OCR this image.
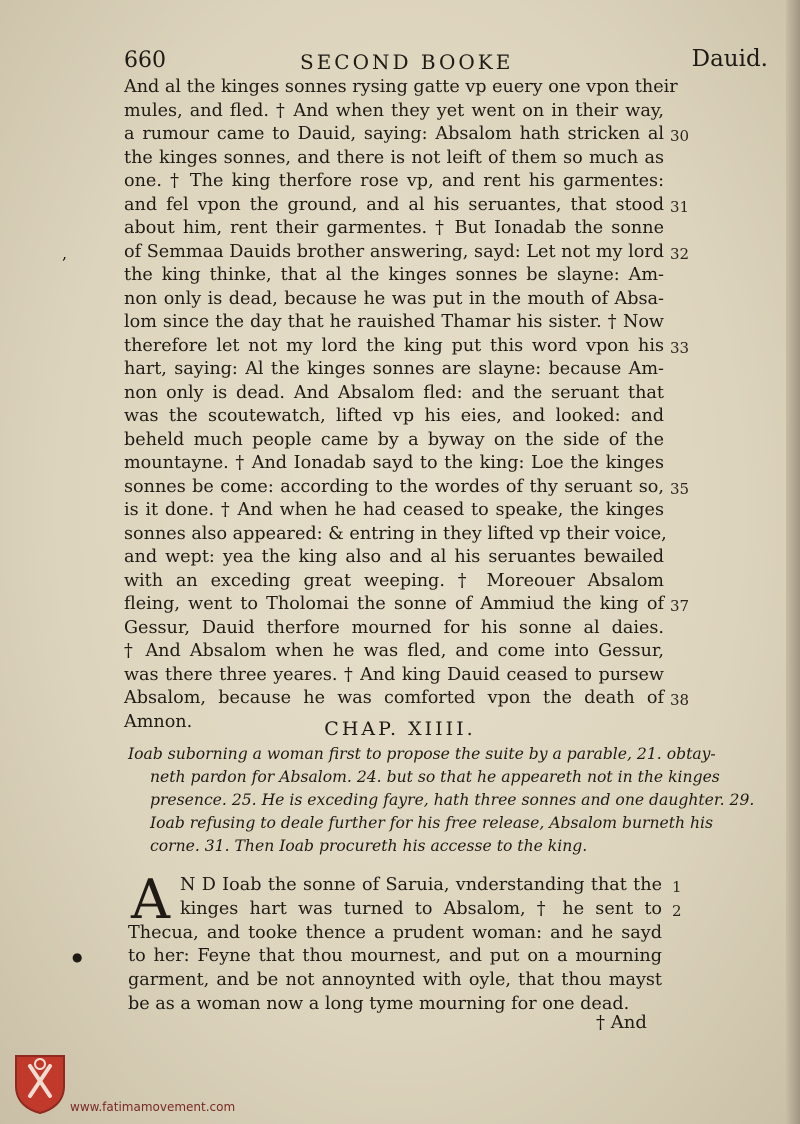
660	SECOND BOOKE	Dauid.
And al the kinges sonnes rysing gatte vp euery one vpon their
mules, and fled. † And when they yet went on in their way,
a rumour came to Dauid, saying: Absalom hath stricken al
the kinges sonnes, and there is not leift of them so much as
one. † The king therfore rose vp, and rent his garmentes:
and fel vpon the ground, and al his seruantes, that stood
about him, rent their garmentes. † But Ionadab the sonne
of Semmaa Dauids brother answering, sayd: Let not my lord
the king thinke, that al the kinges sonnes be slayne: Am-
non only is dead, because he was put in the mouth of Absa-
lom since the day that he rauished Thamar his sister. † Now
therefore let not my lord the king put this word vpon his
hart, saying: Al the kinges sonnes are slayne: because Am-
non only is dead. And Absalom fled: and the seruant that
was the scoutewatch, lifted vp his eies, and looked: and
beheld much people came by a byway on the side of the
mountayne. † And Ionadab sayd to the king: Loe the kinges
sonnes be come: according to the wordes of thy seruant so,
is it done. † And when he had ceased to speake, the kinges
sonnes also appeared: & entring in they lifted vp their voice,
and wept: yea the king also and al his seruantes bewailed
with an exceding great weeping. † Moreouer Absalom
fleing, went to Tholomai the sonne of Ammiud the king of
Gessur, Dauid therfore mourned for his sonne al daies.
† And Absalom when he was fled, and come into Gessur,
was there three yeares. † And king Dauid ceased to pursew
Absalom, because he was comforted vpon the death of
Amnon.
30
31
32
33
35
37
38
1
2
CHAP. XIIII.
Ioab suborning a woman first to propose the suite by a parable, 21. obtay-
neth pardon for Absalom. 24. but so that he appeareth not in the kinges
presence. 25. He is exceding fayre, hath three sonnes and one daughter. 29.
Ioab refusing to deale further for his free release, Absalom burneth his
corne. 31. Then Ioab procureth his accesse to the king.
A N D Ioab the sonne of Saruia, vnderstanding that the
kinges hart was turned to Absalom, † he sent to
Thecua, and tooke thence a prudent woman: and he sayd
to her: Feyne that thou mournest, and put on a mourning
garment, and be not annoynted with oyle, that thou mayst
be as a woman now a long tyme mourning for one dead.
† And
,
●
www.fatimamovement.com
